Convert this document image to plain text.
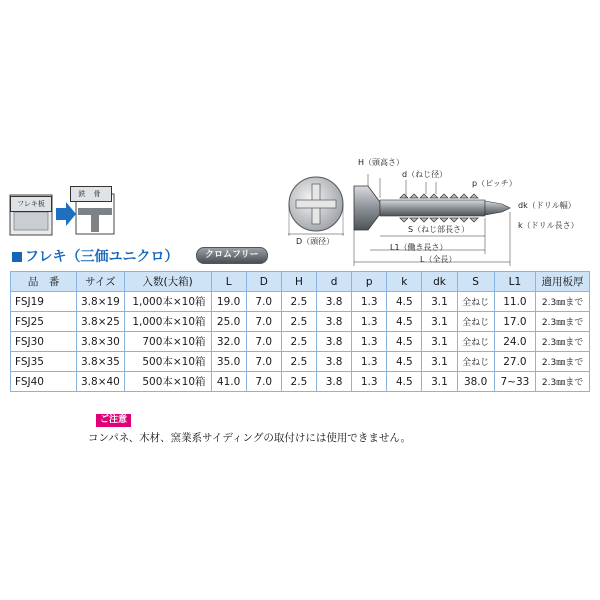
フレキ板
鉄 骨
D（頭径）
H（頭高さ）
d（ねじ径）
p（ピッチ）
dk（ドリル幅）
S（ねじ部長さ）	k（ドリル長さ）
L1（働き長さ）
L（全長）
フレキ（三価ユニクロ）	クロムフリー
品　番	サイズ	入数(大箱)	L	D	H	d	p	k	dk	S	L1	適用板厚
FSJ19	3.8×19	1,000本×10箱	19.0	7.0	2.5	3.8	1.3	4.5	3.1	全ねじ	11.0	2.3㎜まで
FSJ25	3.8×25	1,000本×10箱	25.0	7.0	2.5	3.8	1.3	4.5	3.1	全ねじ	17.0	2.3㎜まで
FSJ30	3.8×30	700本×10箱	32.0	7.0	2.5	3.8	1.3	4.5	3.1	全ねじ	24.0	2.3㎜まで
FSJ35	3.8×35	500本×10箱	35.0	7.0	2.5	3.8	1.3	4.5	3.1	全ねじ	27.0	2.3㎜まで
FSJ40	3.8×40	500本×10箱	41.0	7.0	2.5	3.8	1.3	4.5	3.1	38.0	7~33	2.3㎜まで
ご注意
コンパネ、木材、窯業系サイディングの取付けには使用できません。
